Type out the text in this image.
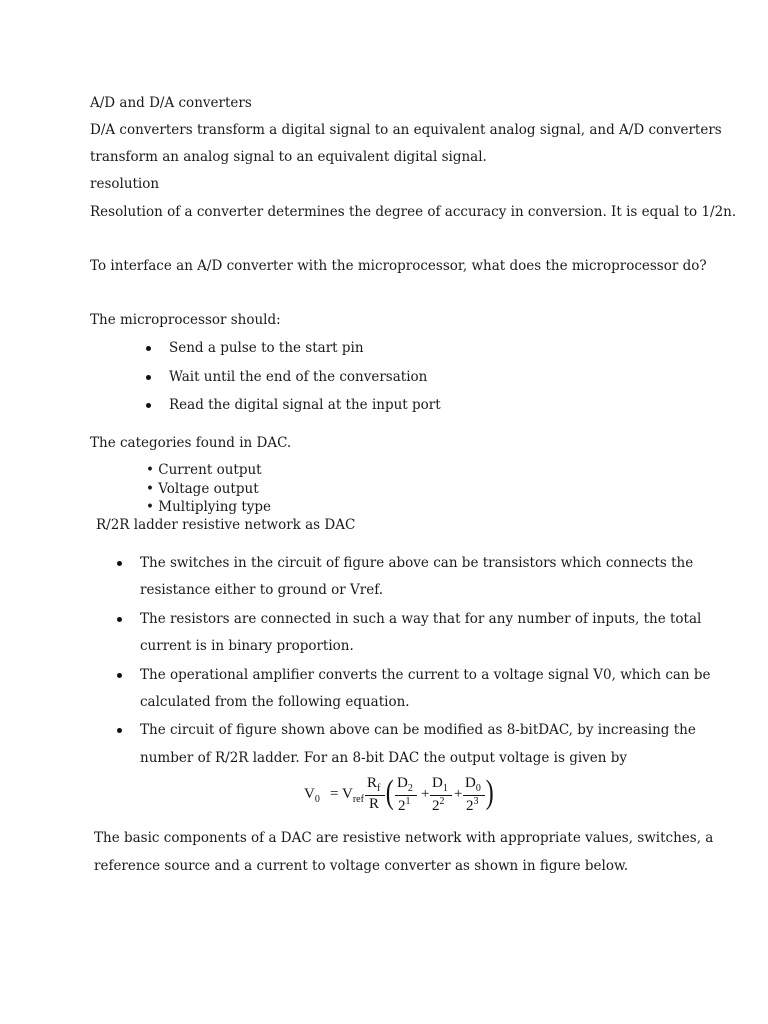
A/D and D/A converters
D/A converters transform a digital signal to an equivalent analog signal, and A/D converters
transform an analog signal to an equivalent digital signal.
resolution
Resolution of a converter determines the degree of accuracy in conversion. It is equal to 1/2n.
To interface an A/D converter with the microprocessor, what does the microprocessor do?
The microprocessor should:
Send a pulse to the start pin
Wait until the end of the conversation
Read the digital signal at the input port
The categories found in DAC.
• Current output
• Voltage output
• Multiplying type
R/2R ladder resistive network as DAC
The switches in the circuit of figure above can be transistors which connects the
resistance either to ground or Vref.
The resistors are connected in such a way that for any number of inputs, the total
current is in binary proportion.
The operational amplifier converts the current to a voltage signal V0, which can be
calculated from the following equation.
The circuit of figure shown above can be modified as 8-bitDAC, by increasing the
number of R/2R ladder. For an 8-bit DAC the output voltage is given by
$V_0 = V_{ref}$
$R_f$
R ( $D_2$
$2^1$ +
$D_1$
$2^2$ +
$D_0$
$2^3$ )
The basic components of a DAC are resistive network with appropriate values, switches, a
reference source and a current to voltage converter as shown in figure below.
